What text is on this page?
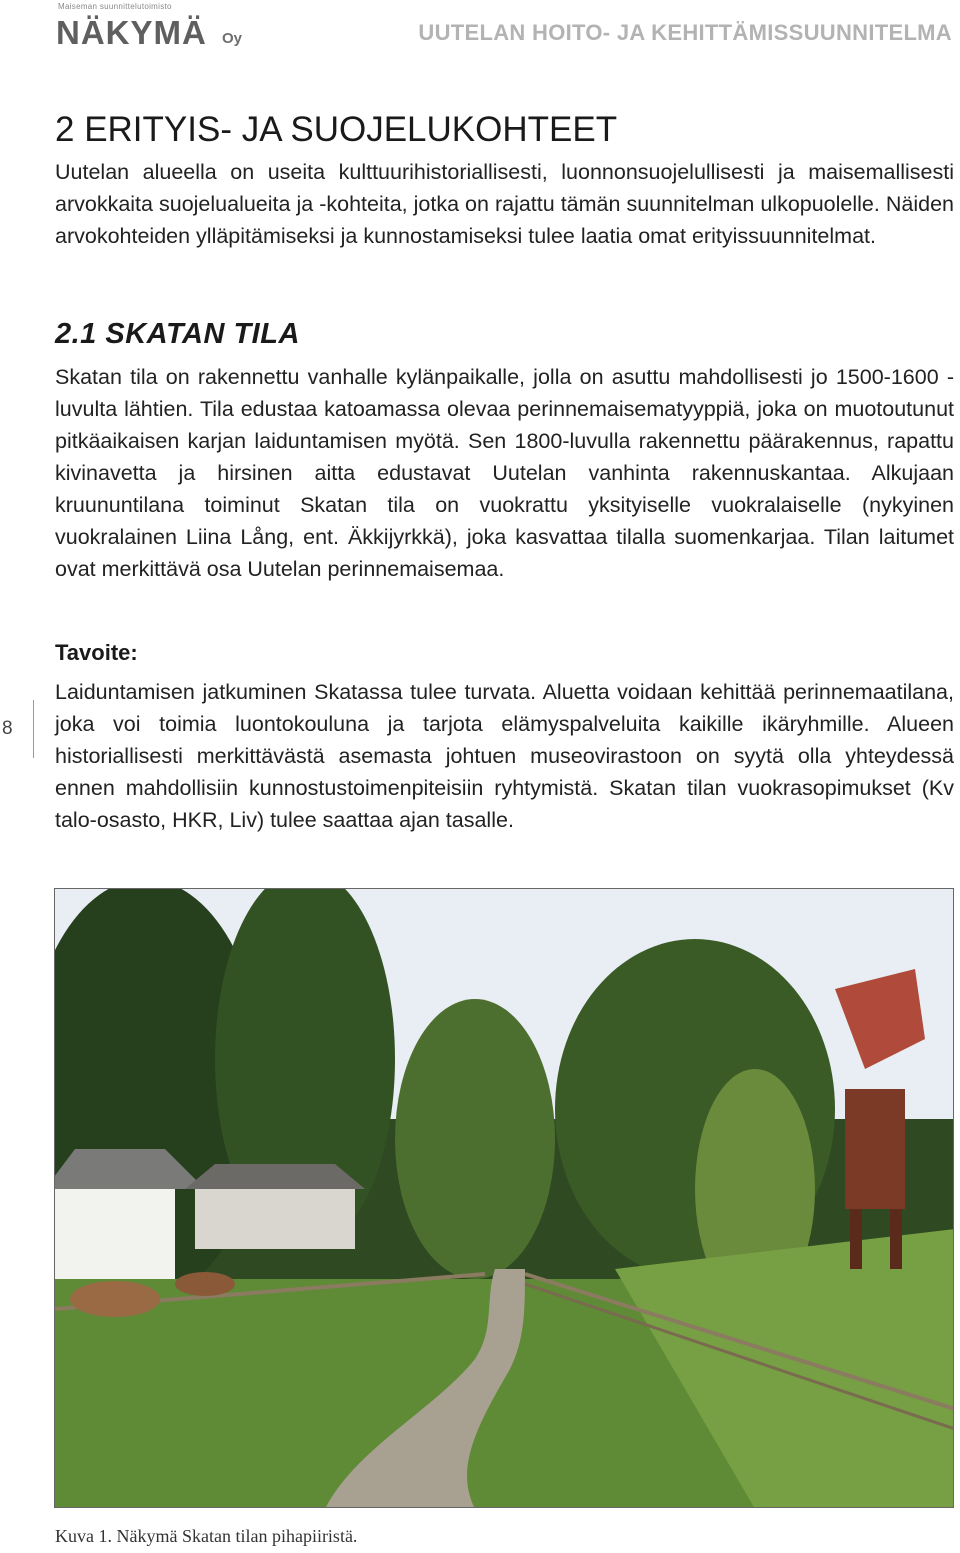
Maiseman suunnittelutoimisto
NÄKYMÄ Oy	UUTELAN HOITO- JA KEHITTÄMISSUUNNITELMA
2 ERITYIS- JA SUOJELUKOHTEET

Uutelan alueella on useita kulttuurihistoriallisesti, luonnonsuojelullisesti ja maisemallisesti arvokkaita suojelualueita ja -kohteita, jotka on rajattu tämän suunnitelman ulkopuolelle. Näiden arvokohteiden ylläpitämiseksi ja kunnostamiseksi tulee laatia omat erityissuunnitelmat.

2.1 SKATAN TILA

Skatan tila on rakennettu vanhalle kylänpaikalle, jolla on asuttu mahdollisesti jo 1500-1600 -luvulta lähtien. Tila edustaa katoamassa olevaa perinnemaisematyyppiä, joka on muotoutunut pitkäaikaisen karjan laiduntamisen myötä. Sen 1800-luvulla rakennettu päärakennus, rapattu kivinavetta ja hirsinen aitta edustavat Uutelan vanhinta rakennuskantaa. Alkujaan kruununtilana toiminut Skatan tila on vuokrattu yksityiselle vuokralaiselle (nykyinen vuokralainen Liina Lång, ent. Äkkijyrkkä), joka kasvattaa tilalla suomenkarjaa. Tilan laitumet ovat merkittävä osa Uutelan perinnemaisemaa.

Tavoite:

Laiduntamisen jatkuminen Skatassa tulee turvata. Aluetta voidaan kehittää perinnemaatilana, joka voi toimia luontokouluna ja tarjota elämyspalveluita kaikille ikäryhmille. Alueen historiallisesti merkittävästä asemasta johtuen museovirastoon on syytä olla yhteydessä ennen mahdollisiin kunnostustoimenpiteisiin ryhtymistä. Skatan tilan vuokrasopimukset (Kv talo-osasto, HKR, Liv) tulee saattaa ajan tasalle.

8
Kuva 1. Näkymä Skatan tilan pihapiiristä.
